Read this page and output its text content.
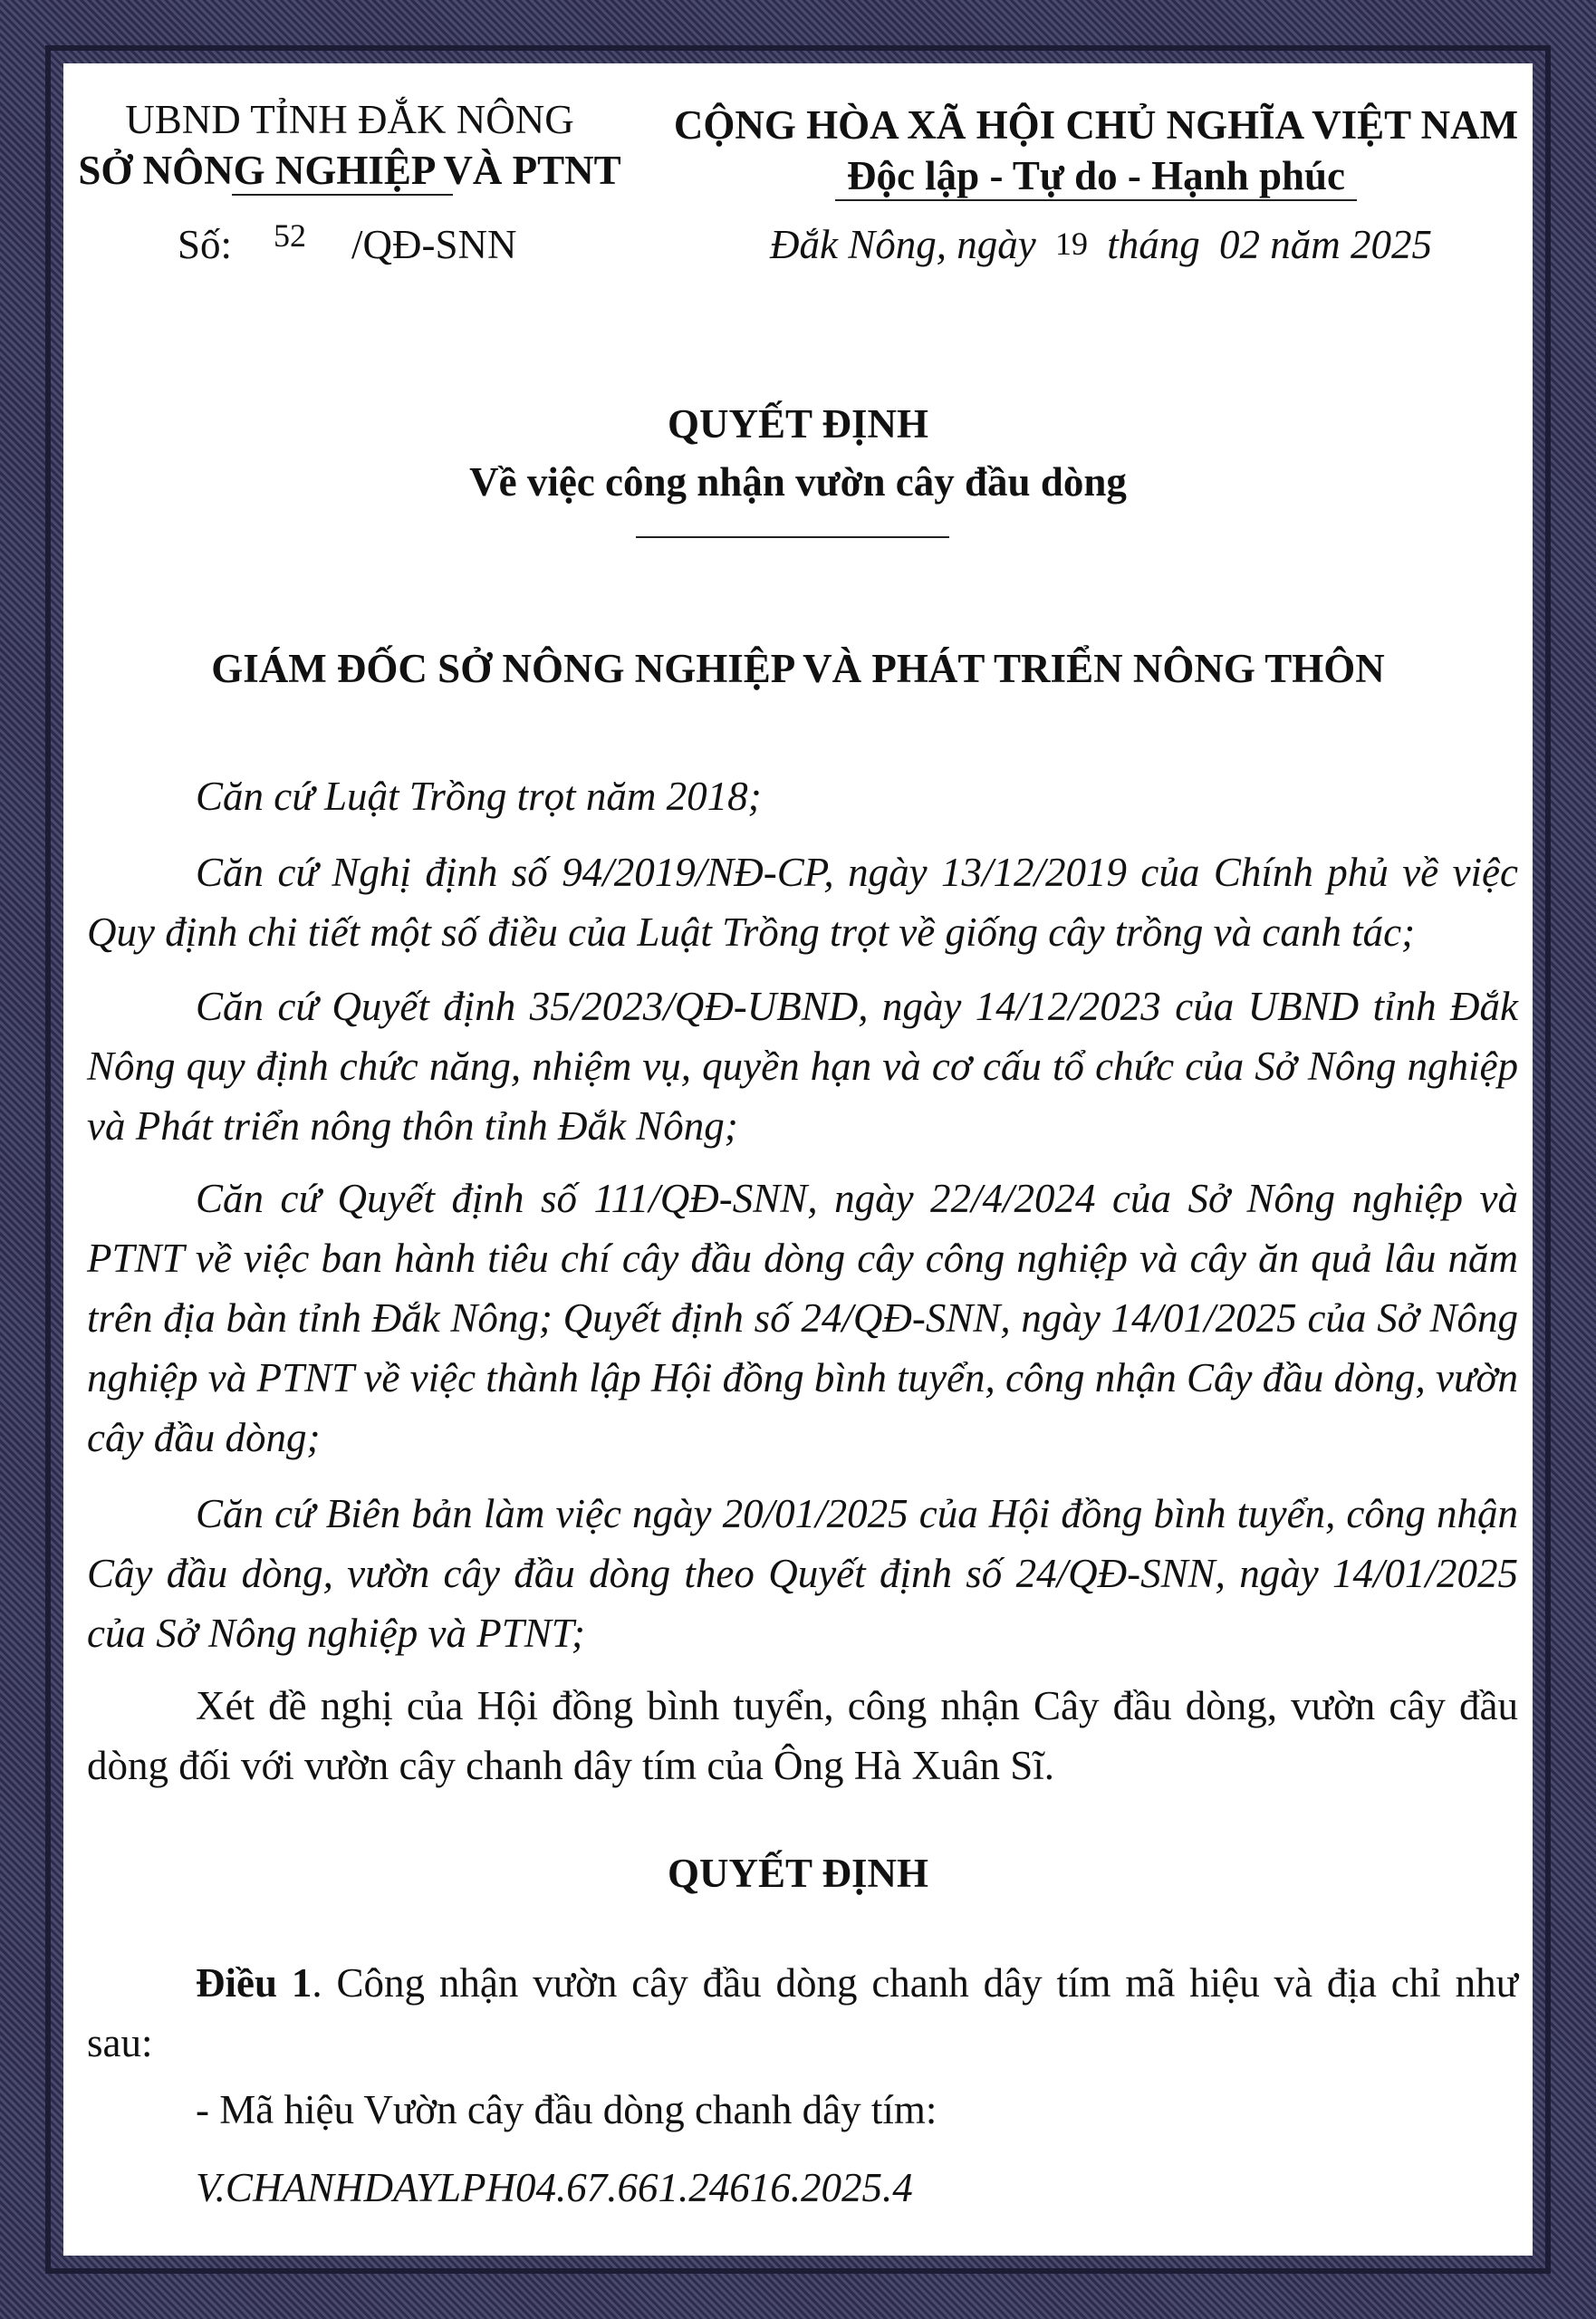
UBND TỈNH ĐẮK NÔNG
SỞ NÔNG NGHIỆP VÀ PTNT
Số: 52 /QĐ-SNN
CỘNG HÒA XÃ HỘI CHỦ NGHĨA VIỆT NAM
Độc lập - Tự do - Hạnh phúc
Đắk Nông, ngày 19 tháng 02 năm 2025
QUYẾT ĐỊNH
Về việc công nhận vườn cây đầu dòng
GIÁM ĐỐC SỞ NÔNG NGHIỆP VÀ PHÁT TRIỂN NÔNG THÔN
Căn cứ Luật Trồng trọt năm 2018;
Căn cứ Nghị định số 94/2019/NĐ-CP, ngày 13/12/2019 của Chính phủ về việc Quy định chi tiết một số điều của Luật Trồng trọt về giống cây trồng và canh tác;
Căn cứ Quyết định 35/2023/QĐ-UBND, ngày 14/12/2023 của UBND tỉnh Đắk Nông quy định chức năng, nhiệm vụ, quyền hạn và cơ cấu tổ chức của Sở Nông nghiệp và Phát triển nông thôn tỉnh Đắk Nông;
Căn cứ Quyết định số 111/QĐ-SNN, ngày 22/4/2024 của Sở Nông nghiệp và PTNT về việc ban hành tiêu chí cây đầu dòng cây công nghiệp và cây ăn quả lâu năm trên địa bàn tỉnh Đắk Nông; Quyết định số 24/QĐ-SNN, ngày 14/01/2025 của Sở Nông nghiệp và PTNT về việc thành lập Hội đồng bình tuyển, công nhận Cây đầu dòng, vườn cây đầu dòng;
Căn cứ Biên bản làm việc ngày 20/01/2025 của Hội đồng bình tuyển, công nhận Cây đầu dòng, vườn cây đầu dòng theo Quyết định số 24/QĐ-SNN, ngày 14/01/2025 của Sở Nông nghiệp và PTNT;
Xét đề nghị của Hội đồng bình tuyển, công nhận Cây đầu dòng, vườn cây đầu dòng đối với vườn cây chanh dây tím của Ông Hà Xuân Sĩ.
QUYẾT ĐỊNH
Điều 1. Công nhận vườn cây đầu dòng chanh dây tím mã hiệu và địa chỉ như sau:
- Mã hiệu Vườn cây đầu dòng chanh dây tím:
V.CHANHDAYLPH04.67.661.24616.2025.4
